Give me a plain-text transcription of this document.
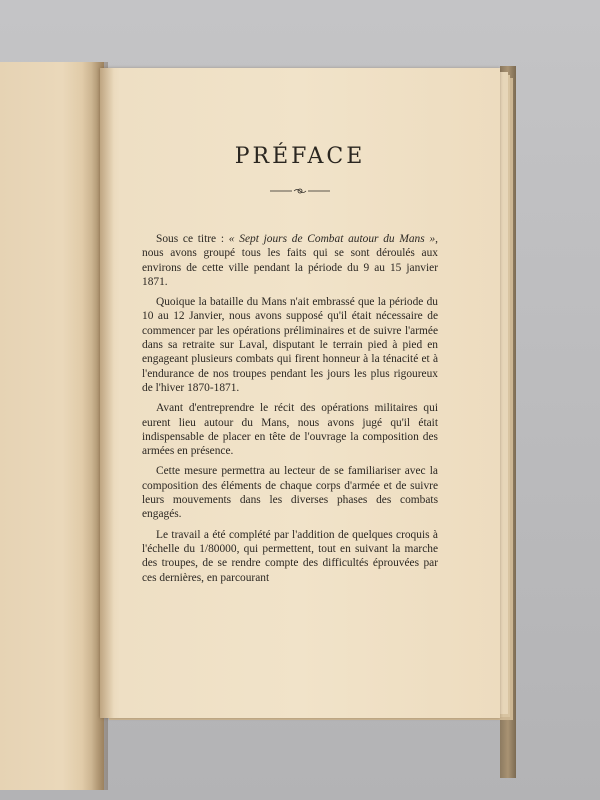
PRÉFACE

Sous ce titre : « Sept jours de Combat autour du Mans », nous avons groupé tous les faits qui se sont déroulés aux environs de cette ville pendant la période du 9 au 15 janvier 1871.

Quoique la bataille du Mans n'ait embrassé que la période du 10 au 12 Janvier, nous avons supposé qu'il était nécessaire de commencer par les opérations préliminaires et de suivre l'armée dans sa retraite sur Laval, disputant le terrain pied à pied en engageant plusieurs combats qui firent honneur à la ténacité et à l'endurance de nos troupes pendant les jours les plus rigoureux de l'hiver 1870-1871.

Avant d'entreprendre le récit des opérations militaires qui eurent lieu autour du Mans, nous avons jugé qu'il était indispensable de placer en tête de l'ouvrage la composition des armées en présence.

Cette mesure permettra au lecteur de se familiariser avec la composition des éléments de chaque corps d'armée et de suivre leurs mouvements dans les diverses phases des combats engagés.

Le travail a été complété par l'addition de quelques croquis à l'échelle du 1/80000, qui permettent, tout en suivant la marche des troupes, de se rendre compte des difficultés éprouvées par ces dernières, en parcourant
